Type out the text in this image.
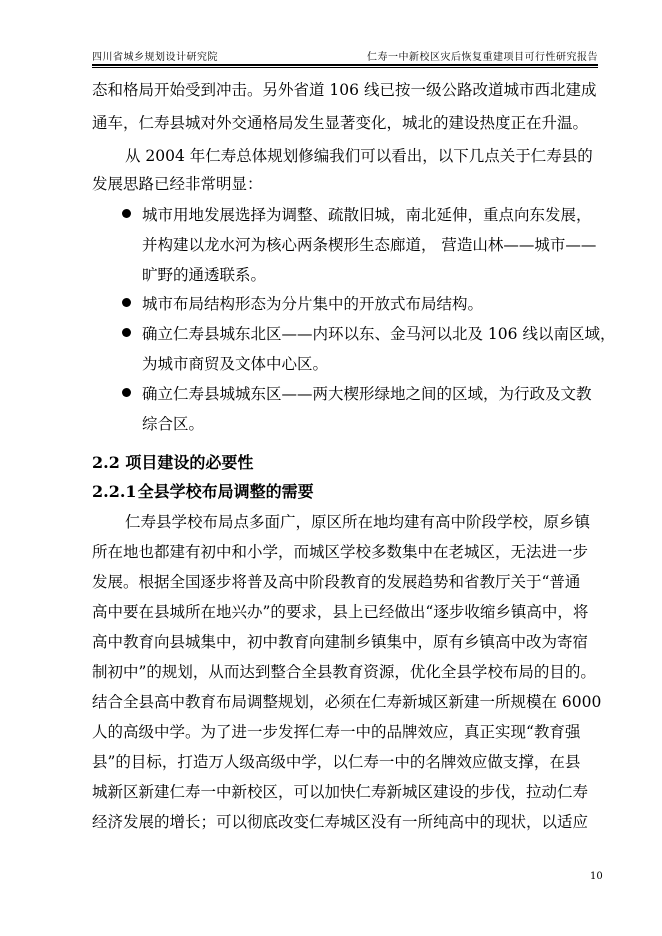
四川省城乡规划设计研究院	仁寿一中新校区灾后恢复重建项目可行性研究报告
态和格局开始受到冲击。另外省道 106 线已按一级公路改道城市西北建成
通车，仁寿县城对外交通格局发生显著变化，城北的建设热度正在升温。
从 2004 年仁寿总体规划修编我们可以看出，以下几点关于仁寿县的
发展思路已经非常明显：
城市用地发展选择为调整、疏散旧城，南北延伸，重点向东发展，
并构建以龙水河为核心两条楔形生态廊道， 营造山林——城市——
旷野的通透联系。
城市布局结构形态为分片集中的开放式布局结构。
确立仁寿县城东北区——内环以东、金马河以北及 106 线以南区域，
为城市商贸及文体中心区。
确立仁寿县城城东区——两大楔形绿地之间的区域，为行政及文教
综合区。
2.2 项目建设的必要性
2.2.1 全县学校布局调整的需要
仁寿县学校布局点多面广，原区所在地均建有高中阶段学校，原乡镇
所在地也都建有初中和小学，而城区学校多数集中在老城区，无法进一步
发展。根据全国逐步将普及高中阶段教育的发展趋势和省教厅关于“普通
高中要在县城所在地兴办”的要求，县上已经做出“逐步收缩乡镇高中，将
高中教育向县城集中，初中教育向建制乡镇集中，原有乡镇高中改为寄宿
制初中”的规划，从而达到整合全县教育资源，优化全县学校布局的目的。
结合全县高中教育布局调整规划，必须在仁寿新城区新建一所规模在 6000
人的高级中学。为了进一步发挥仁寿一中的品牌效应，真正实现“教育强
县”的目标，打造万人级高级中学，以仁寿一中的名牌效应做支撑，在县
城新区新建仁寿一中新校区，可以加快仁寿新城区建设的步伐，拉动仁寿
经济发展的增长；可以彻底改变仁寿城区没有一所纯高中的现状，以适应
10
